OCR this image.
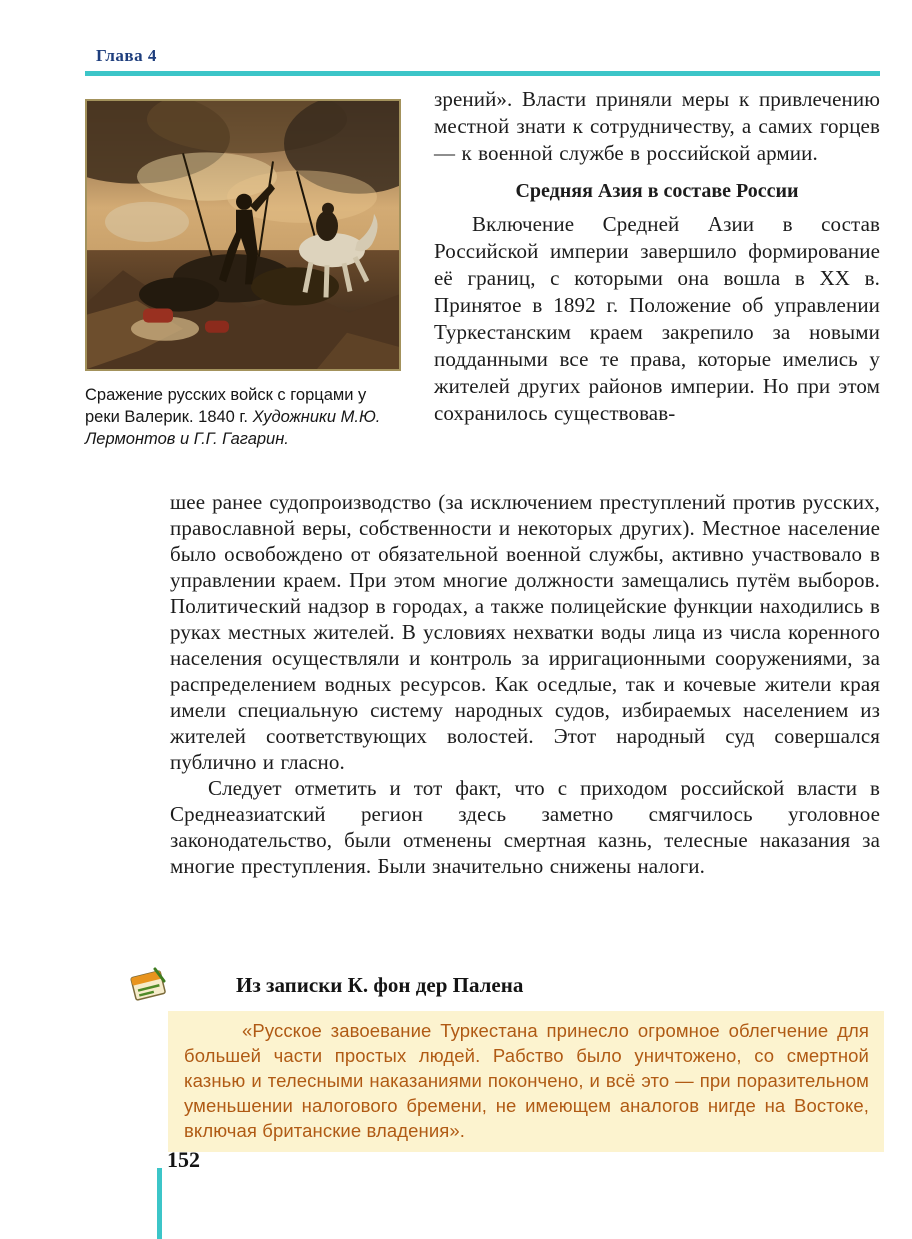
Глава 4
Сражение русских войск с горцами у реки Валерик. 1840 г. Художники М.Ю. Лермонтов и Г.Г. Гагарин.

зрений». Власти приняли меры к привлечению местной знати к сотрудничеству, а самих горцев — к военной службе в российской армии.

Средняя Азия в составе России

Включение Средней Азии в состав Российской империи завершило формирование её границ, с которыми она вошла в XX в. Принятое в 1892 г. Положение об управлении Туркестанским краем закрепило за новыми подданными все те права, которые имелись у жителей других районов империи. Но при этом сохранилось существовав-

шее ранее судопроизводство (за исключением преступлений против русских, православной веры, собственности и некоторых других). Местное население было освобождено от обязательной военной службы, активно участвовало в управлении краем. При этом многие должности замещались путём выборов. Политический надзор в городах, а также полицейские функции находились в руках местных жителей. В условиях нехватки воды лица из числа коренного населения осуществляли и контроль за ирригационными сооружениями, за распределением водных ресурсов. Как оседлые, так и кочевые жители края имели специальную систему народных судов, избираемых населением из жителей соответствующих волостей. Этот народный суд совершался публично и гласно.

Следует отметить и тот факт, что с приходом российской власти в Среднеазиатский регион здесь заметно смягчилось уголовное законодательство, были отменены смертная казнь, телесные наказания за многие преступления. Были значительно снижены налоги.

Из записки К. фон дер Палена

«Русское завоевание Туркестана принесло огромное облегчение для большей части простых людей. Рабство было уничтожено, со смертной казнью и телесными наказаниями покончено, и всё это — при поразительном уменьшении налогового бремени, не имеющем аналогов нигде на Востоке, включая британские владения».

152
